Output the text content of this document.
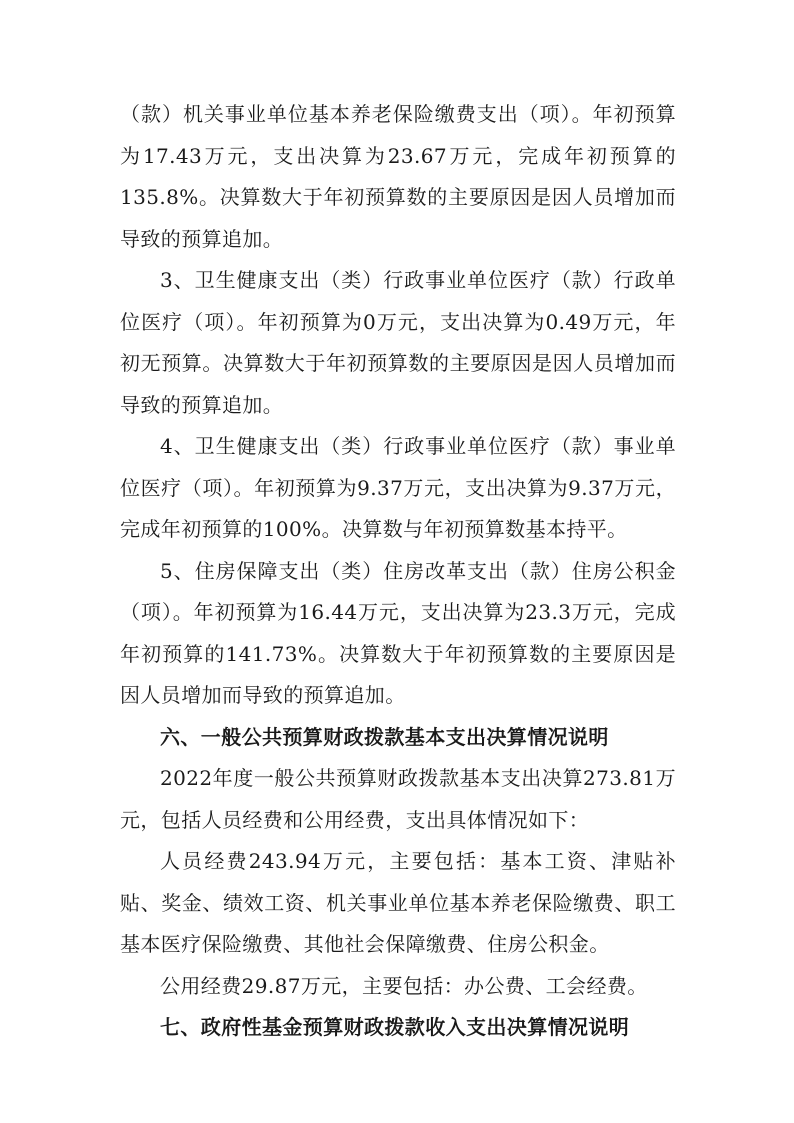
（款）机关事业单位基本养老保险缴费支出（项）。年初预算为17.43万元，支出决算为23.67万元，完成年初预算的135.8%。决算数大于年初预算数的主要原因是因人员增加而导致的预算追加。

3、卫生健康支出（类）行政事业单位医疗（款）行政单位医疗（项）。年初预算为0万元，支出决算为0.49万元，年初无预算。决算数大于年初预算数的主要原因是因人员增加而导致的预算追加。

4、卫生健康支出（类）行政事业单位医疗（款）事业单位医疗（项）。年初预算为9.37万元，支出决算为9.37万元，完成年初预算的100%。决算数与年初预算数基本持平。

5、住房保障支出（类）住房改革支出（款）住房公积金（项）。年初预算为16.44万元，支出决算为23.3万元，完成年初预算的141.73%。决算数大于年初预算数的主要原因是因人员增加而导致的预算追加。

六、一般公共预算财政拨款基本支出决算情况说明

2022年度一般公共预算财政拨款基本支出决算273.81万元，包括人员经费和公用经费，支出具体情况如下：

人员经费243.94万元，主要包括：基本工资、津贴补贴、奖金、绩效工资、机关事业单位基本养老保险缴费、职工基本医疗保险缴费、其他社会保障缴费、住房公积金。

公用经费29.87万元，主要包括：办公费、工会经费。

七、政府性基金预算财政拨款收入支出决算情况说明
